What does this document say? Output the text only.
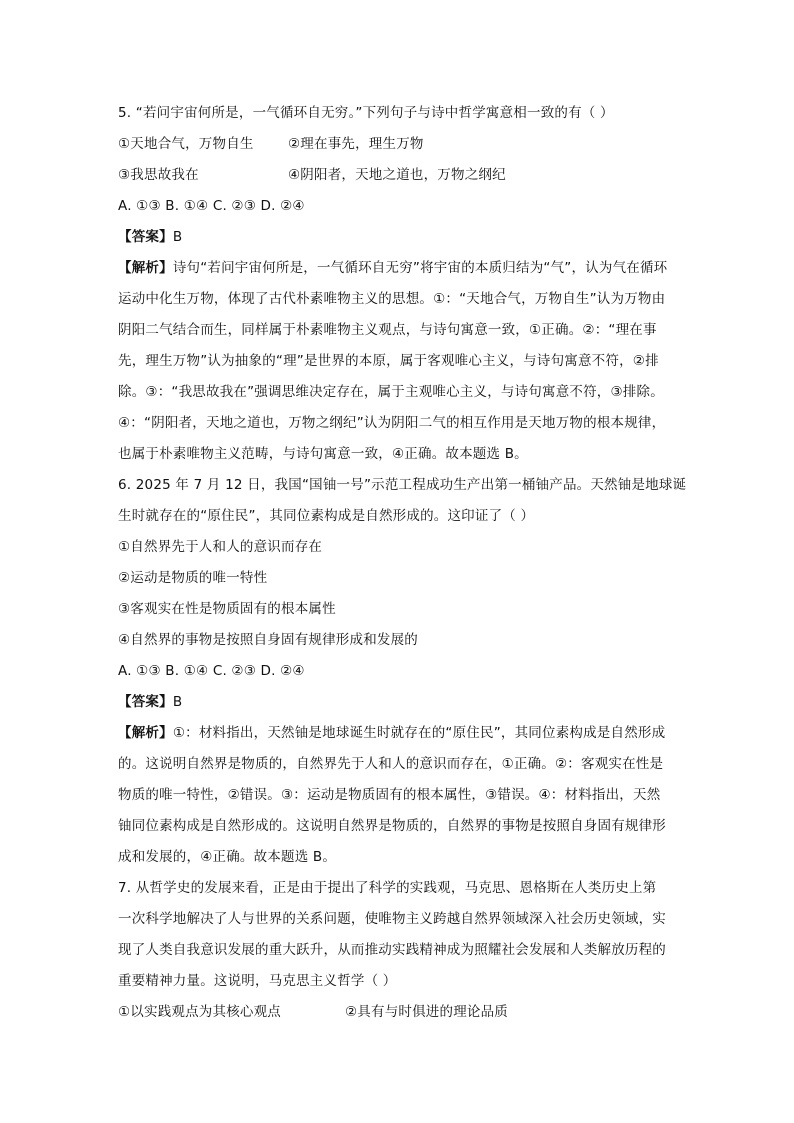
5. “若问宇宙何所是，一气循环自无穷。”下列句子与诗中哲学寓意相一致的有（ ）
①天地合气，万物自生	②理在事先，理生万物
③我思故我在	④阴阳者，天地之道也，万物之纲纪
A. ①③ B. ①④ C. ②③ D. ②④
【答案】B
【解析】诗句“若问宇宙何所是，一气循环自无穷”将宇宙的本质归结为“气”，认为气在循环
运动中化生万物，体现了古代朴素唯物主义的思想。①：“天地合气，万物自生”认为万物由
阴阳二气结合而生，同样属于朴素唯物主义观点，与诗句寓意一致，①正确。②：“理在事
先，理生万物”认为抽象的“理”是世界的本原，属于客观唯心主义，与诗句寓意不符，②排
除。③：“我思故我在”强调思维决定存在，属于主观唯心主义，与诗句寓意不符，③排除。
④：“阴阳者，天地之道也，万物之纲纪”认为阴阳二气的相互作用是天地万物的根本规律，
也属于朴素唯物主义范畴，与诗句寓意一致，④正确。故本题选 B。
6. 2025 年 7 月 12 日，我国“国铀一号”示范工程成功生产出第一桶铀产品。天然铀是地球诞
生时就存在的“原住民”，其同位素构成是自然形成的。这印证了（ ）
①自然界先于人和人的意识而存在
②运动是物质的唯一特性
③客观实在性是物质固有的根本属性
④自然界的事物是按照自身固有规律形成和发展的
A. ①③ B. ①④ C. ②③ D. ②④
【答案】B
【解析】①：材料指出，天然铀是地球诞生时就存在的“原住民”，其同位素构成是自然形成
的。这说明自然界是物质的，自然界先于人和人的意识而存在，①正确。②：客观实在性是
物质的唯一特性，②错误。③：运动是物质固有的根本属性，③错误。④：材料指出，天然
铀同位素构成是自然形成的。这说明自然界是物质的，自然界的事物是按照自身固有规律形
成和发展的，④正确。故本题选 B。
7. 从哲学史的发展来看，正是由于提出了科学的实践观，马克思、恩格斯在人类历史上第
一次科学地解决了人与世界的关系问题，使唯物主义跨越自然界领域深入社会历史领域，实
现了人类自我意识发展的重大跃升，从而推动实践精神成为照耀社会发展和人类解放历程的
重要精神力量。这说明，马克思主义哲学（ ）
①以实践观点为其核心观点	②具有与时俱进的理论品质
